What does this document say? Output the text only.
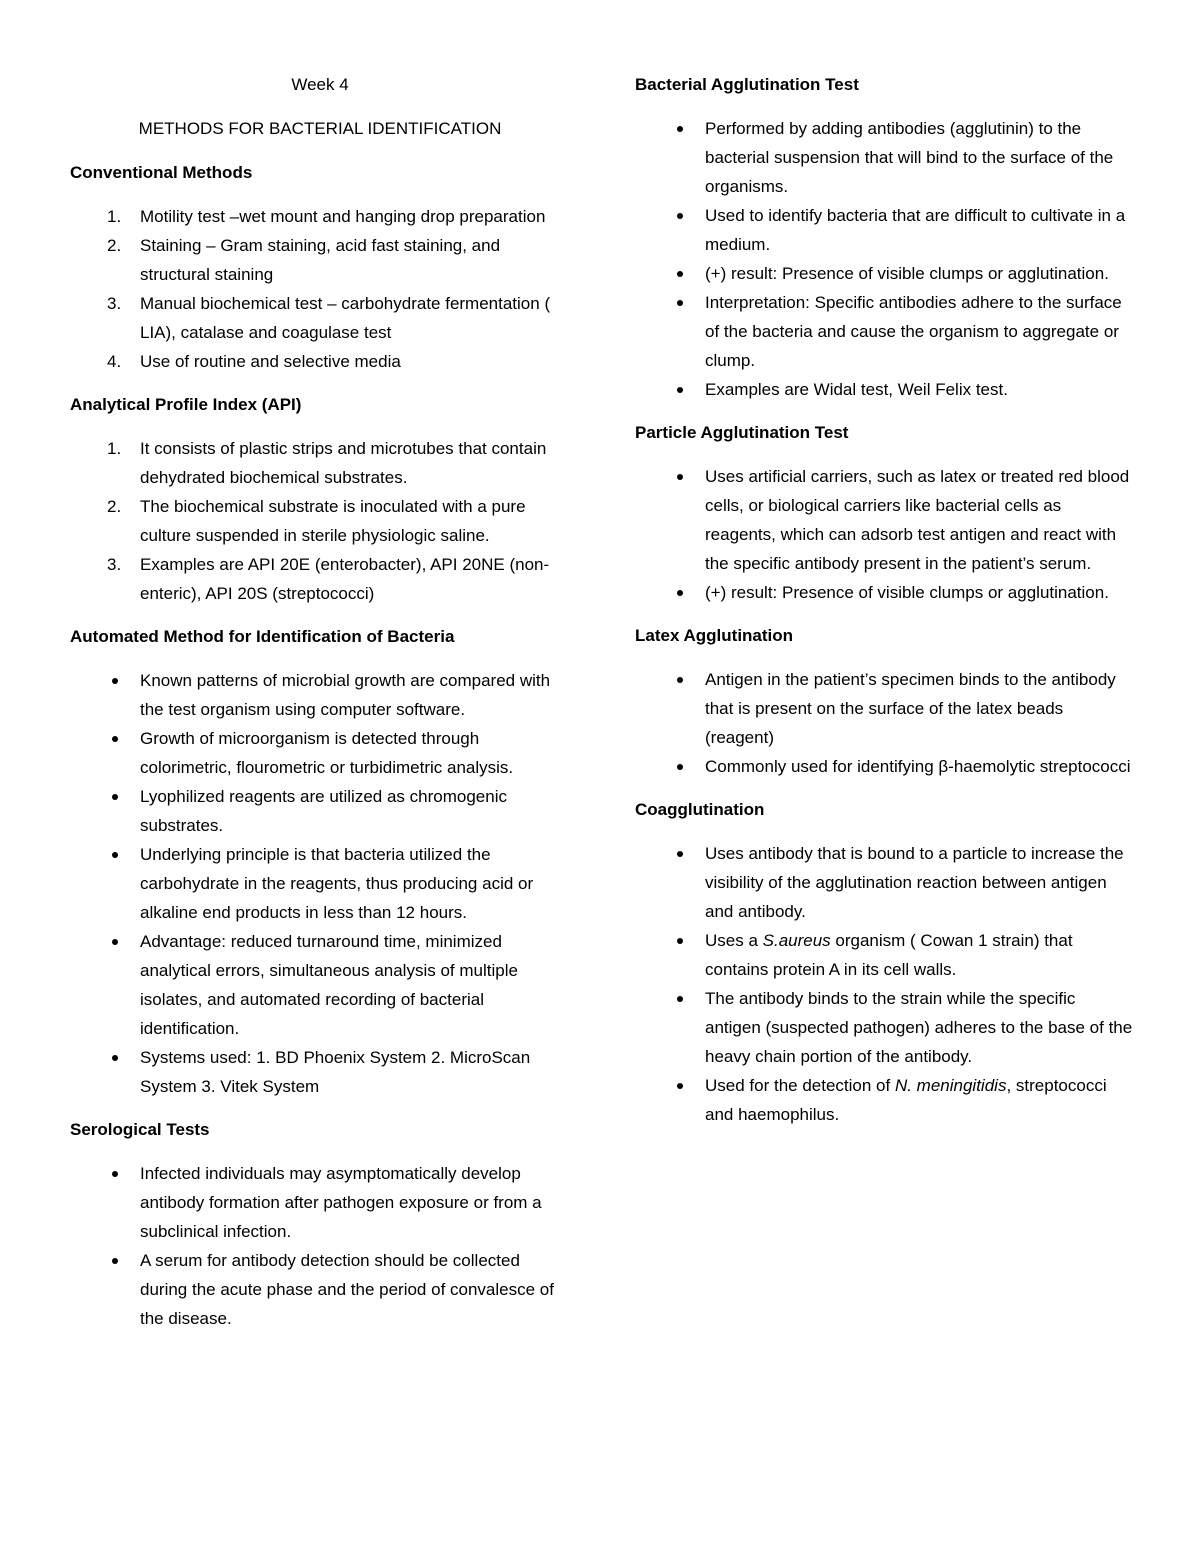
Week 4

METHODS FOR BACTERIAL IDENTIFICATION

Conventional Methods

1.	Motility test –wet mount and hanging drop preparation
2.	Staining – Gram staining, acid fast staining, and structural staining
3.	Manual biochemical test – carbohydrate fermentation ( LIA), catalase and coagulase test
4.	Use of routine and selective media

Analytical Profile Index (API)

1.	It consists of plastic strips and microtubes that contain dehydrated biochemical substrates.
2.	The biochemical substrate is inoculated with a pure culture suspended in sterile physiologic saline.
3.	Examples are API 20E (enterobacter), API 20NE (non-enteric), API 20S (streptococci)

Automated Method for Identification of Bacteria

Known patterns of microbial growth are compared with the test organism using computer software.
Growth of microorganism is detected through colorimetric, flourometric or turbidimetric analysis.
Lyophilized reagents are utilized as chromogenic substrates.
Underlying principle is that bacteria utilized the carbohydrate in the reagents, thus producing acid or alkaline end products in less than 12 hours.
Advantage: reduced turnaround time, minimized analytical errors, simultaneous analysis of multiple isolates, and automated recording of bacterial identification.
Systems used: 1. BD Phoenix System 2. MicroScan System 3. Vitek System

Serological Tests

Infected individuals may asymptomatically develop antibody formation after pathogen exposure or from a subclinical infection.
A serum for antibody detection should be collected during the acute phase and the period of convalesce of the disease.

Bacterial Agglutination Test

Performed by adding antibodies (agglutinin) to the bacterial suspension that will bind to the surface of the organisms.
Used to identify bacteria that are difficult to cultivate in a medium.
(+) result: Presence of visible clumps or agglutination.
Interpretation: Specific antibodies adhere to the surface of the bacteria and cause the organism to aggregate or clump.
Examples are Widal test, Weil Felix test.

Particle Agglutination Test

Uses artificial carriers, such as latex or treated red blood cells, or biological carriers like bacterial cells as reagents, which can adsorb test antigen and react with the specific antibody present in the patient’s serum.
(+) result: Presence of visible clumps or agglutination.

Latex Agglutination

Antigen in the patient’s specimen binds to the antibody that is present on the surface of the latex beads (reagent)
Commonly used for identifying β-haemolytic streptococci

Coagglutination

Uses antibody that is bound to a particle to increase the visibility of the agglutination reaction between antigen and antibody.
Uses a S.aureus organism ( Cowan 1 strain) that contains protein A in its cell walls.
The antibody binds to the strain while the specific antigen (suspected pathogen) adheres to the base of the heavy chain portion of the antibody.
Used for the detection of N. meningitidis, streptococci and haemophilus.
